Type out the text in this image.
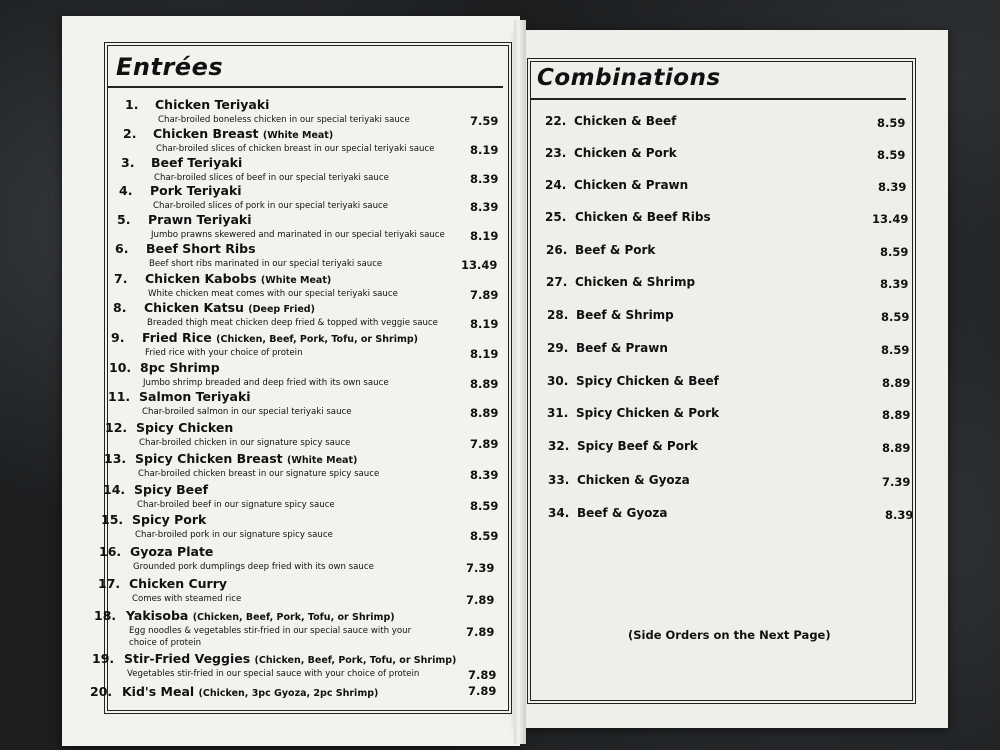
Entrées	Combinations
1. Chicken Teriyaki
Char-broiled boneless chicken in our special teriyaki sauce	7.59
2. Chicken Breast (White Meat)
Char-broiled slices of chicken breast in our special teriyaki sauce	8.19
3. Beef Teriyaki
Char-broiled slices of beef in our special teriyaki sauce	8.39
4. Pork Teriyaki
Char-broiled slices of pork in our special teriyaki sauce	8.39
5. Prawn Teriyaki
Jumbo prawns skewered and marinated in our special teriyaki sauce 8.19
6. Beef Short Ribs
Beef short ribs marinated in our special teriyaki sauce	13.49
7. Chicken Kabobs (White Meat)
White chicken meat comes with our special teriyaki sauce	7.89
8. Chicken Katsu (Deep Fried)
Breaded thigh meat chicken deep fried & topped with veggie sauce	8.19
9. Fried Rice (Chicken, Beef, Pork, Tofu, or Shrimp)
Fried rice with your choice of protein	8.19
10. 8pc Shrimp
Jumbo shrimp breaded and deep fried with its own sauce	8.89
11. Salmon Teriyaki
Char-broiled salmon in our special teriyaki sauce	8.89
12. Spicy Chicken
Char-broiled chicken in our signature spicy sauce	7.89
13. Spicy Chicken Breast (White Meat)
Char-broiled chicken breast in our signature spicy sauce	8.39
14. Spicy Beef
Char-broiled beef in our signature spicy sauce	8.59
15. Spicy Pork
Char-broiled pork in our signature spicy sauce	8.59
16. Gyoza Plate
Grounded pork dumplings deep fried with its own sauce	7.39
17. Chicken Curry
Comes with steamed rice	7.89
18. Yakisoba (Chicken, Beef, Pork, Tofu, or Shrimp)
Egg noodles & vegetables stir-fried in our special sauce with your
choice of protein
7.89
19. Stir-Fried Veggies (Chicken, Beef, Pork, Tofu, or Shrimp)
Vegetables stir-fried in our special sauce with your choice of protein	7.89
20. Kid's Meal (Chicken, 3pc Gyoza, 2pc Shrimp)	7.89
22. Chicken & Beef	8.59
23. Chicken & Pork	8.59
24. Chicken & Prawn	8.39
25. Chicken & Beef Ribs	13.49
26. Beef & Pork	8.59
27. Chicken & Shrimp	8.39
28. Beef & Shrimp	8.59
29. Beef & Prawn	8.59
30. Spicy Chicken & Beef	8.89
31. Spicy Chicken & Pork	8.89
32. Spicy Beef & Pork	8.89
33. Chicken & Gyoza	7.39
34. Beef & Gyoza	8.39
(Side Orders on the Next Page)
